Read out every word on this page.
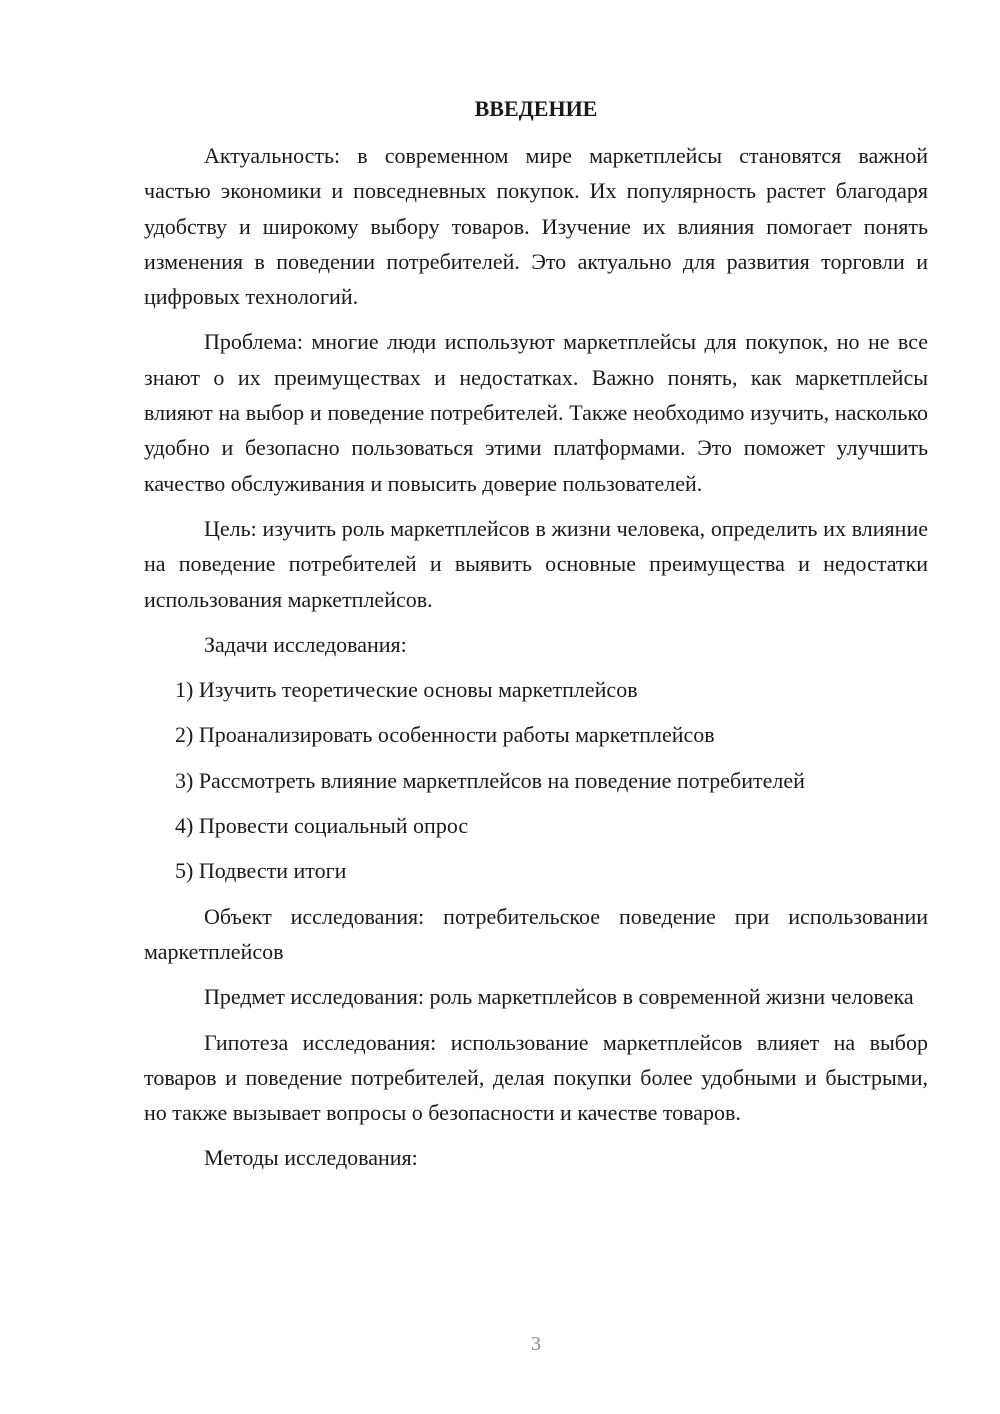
ВВЕДЕНИЕ

Актуальность: в современном мире маркетплейсы становятся важной частью экономики и повседневных покупок. Их популярность растет благодаря удобству и широкому выбору товаров. Изучение их влияния помогает понять изменения в поведении потребителей. Это актуально для развития торговли и цифровых технологий.

Проблема: многие люди используют маркетплейсы для покупок, но не все знают о их преимуществах и недостатках. Важно понять, как маркетплейсы влияют на выбор и поведение потребителей. Также необходимо изучить, насколько удобно и безопасно пользоваться этими платформами. Это поможет улучшить качество обслуживания и повысить доверие пользователей.

Цель: изучить роль маркетплейсов в жизни человека, определить их влияние на поведение потребителей и выявить основные преимущества и недостатки использования маркетплейсов.

Задачи исследования:

1) Изучить теоретические основы маркетплейсов
2) Проанализировать особенности работы маркетплейсов
3) Рассмотреть влияние маркетплейсов на поведение потребителей
4) Провести социальный опрос
5) Подвести итоги

Объект исследования: потребительское поведение при использовании маркетплейсов

Предмет исследования: роль маркетплейсов в современной жизни человека

Гипотеза исследования: использование маркетплейсов влияет на выбор товаров и поведение потребителей, делая покупки более удобными и быстрыми, но также вызывает вопросы о безопасности и качестве товаров.

Методы исследования:

3
